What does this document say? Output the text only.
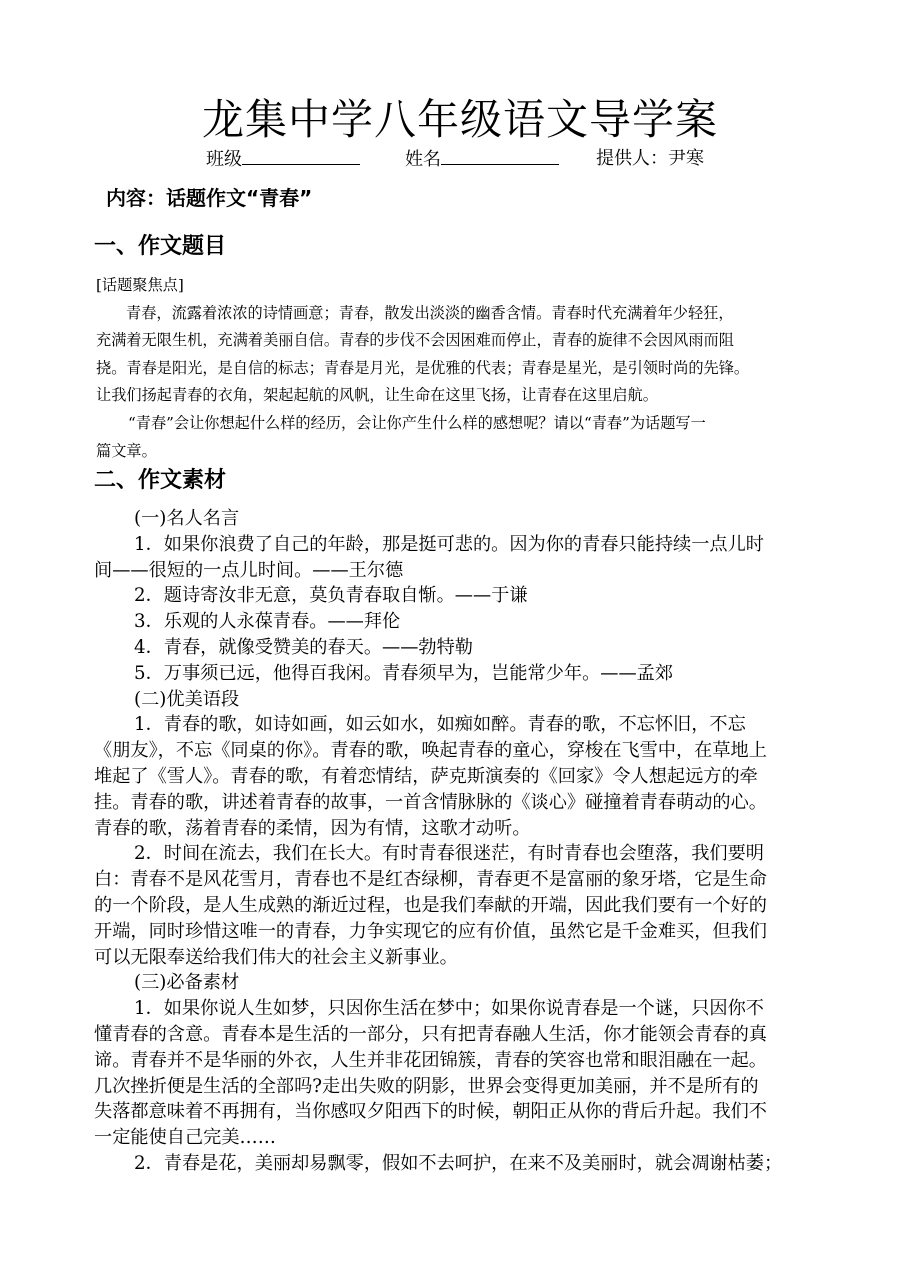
龙集中学八年级语文导学案
班级	姓名	提供人：尹寒
内容：话题作文“青春”
一、作文题目
[话题聚焦点]
青春，流露着浓浓的诗情画意；青春，散发出淡淡的幽香含情。青春时代充满着年少轻狂，
充满着无限生机，充满着美丽自信。青春的步伐不会因困难而停止，青春的旋律不会因风雨而阻
挠。青春是阳光，是自信的标志；青春是月光，是优雅的代表；青春是星光，是引领时尚的先锋。
让我们扬起青春的衣角，架起起航的风帆，让生命在这里飞扬，让青春在这里启航。
“青春”会让你想起什么样的经历，会让你产生什么样的感想呢？请以“青春”为话题写一
篇文章。
二、作文素材
(一)名人名言
1．如果你浪费了自己的年龄，那是挺可悲的。因为你的青春只能持续一点儿时
间——很短的一点儿时间。——王尔德
2．题诗寄汝非无意，莫负青春取自惭。——于谦
3．乐观的人永葆青春。——拜伦
4．青春，就像受赞美的春天。——勃特勒
5．万事须已远，他得百我闲。青春须早为，岂能常少年。——孟郊
(二)优美语段
1．青春的歌，如诗如画，如云如水，如痴如醉。青春的歌，不忘怀旧，不忘
《朋友》，不忘《同桌的你》。青春的歌，唤起青春的童心，穿梭在飞雪中，在草地上
堆起了《雪人》。青春的歌，有着恋情结，萨克斯演奏的《回家》令人想起远方的牵
挂。青春的歌，讲述着青春的故事，一首含情脉脉的《谈心》碰撞着青春萌动的心。
青春的歌，荡着青春的柔情，因为有情，这歌才动听。
2．时间在流去，我们在长大。有时青春很迷茫，有时青春也会堕落，我们要明
白：青春不是风花雪月，青春也不是红杏绿柳，青春更不是富丽的象牙塔，它是生命
的一个阶段，是人生成熟的渐近过程，也是我们奉献的开端，因此我们要有一个好的
开端，同时珍惜这唯一的青春，力争实现它的应有价值，虽然它是千金难买，但我们
可以无限奉送给我们伟大的社会主义新事业。
(三)必备素材
1．如果你说人生如梦，只因你生活在梦中；如果你说青春是一个谜，只因你不
懂青春的含意。青春本是生活的一部分，只有把青春融人生活，你才能领会青春的真
谛。青春并不是华丽的外衣，人生并非花团锦簇，青春的笑容也常和眼泪融在一起。
几次挫折便是生活的全部吗?走出失败的阴影，世界会变得更加美丽，并不是所有的
失落都意味着不再拥有，当你感叹夕阳西下的时候，朝阳正从你的背后升起。我们不
一定能使自己完美……
2．青春是花，美丽却易飘零，假如不去呵护，在来不及美丽时，就会凋谢枯萎；
